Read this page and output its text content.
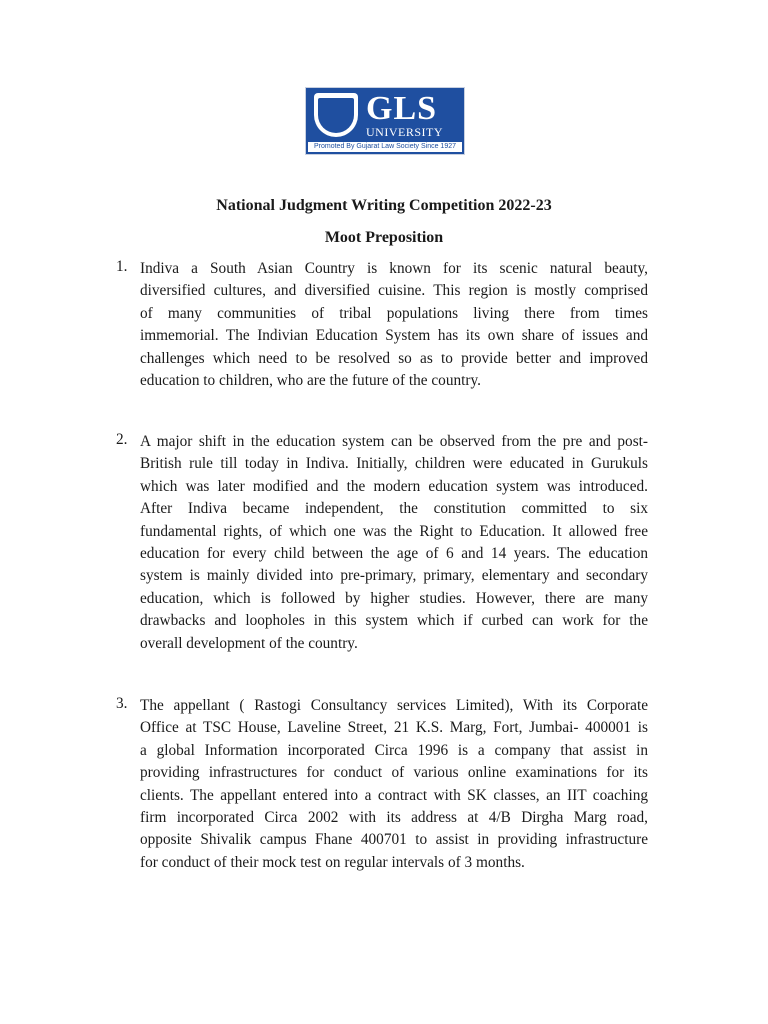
GLS
UNIVERSITY
Promoted By Gujarat Law Society Since 1927
National Judgment Writing Competition 2022-23
Moot Preposition
1. Indiva a South Asian Country is known for its scenic natural beauty,
diversified cultures, and diversified cuisine. This region is mostly comprised
of many communities of tribal populations living there from times
immemorial. The Indivian Education System has its own share of issues and
challenges which need to be resolved so as to provide better and improved
education to children, who are the future of the country.
2. A major shift in the education system can be observed from the pre and post-
British rule till today in Indiva. Initially, children were educated in Gurukuls
which was later modified and the modern education system was introduced.
After Indiva became independent, the constitution committed to six
fundamental rights, of which one was the Right to Education. It allowed free
education for every child between the age of 6 and 14 years. The education
system is mainly divided into pre-primary, primary, elementary and secondary
education, which is followed by higher studies. However, there are many
drawbacks and loopholes in this system which if curbed can work for the
overall development of the country.
3. The appellant ( Rastogi Consultancy services Limited), With its Corporate
Office at TSC House, Laveline Street, 21 K.S. Marg, Fort, Jumbai- 400001 is
a global Information incorporated Circa 1996 is a company that assist in
providing infrastructures for conduct of various online examinations for its
clients. The appellant entered into a contract with SK classes, an IIT coaching
firm incorporated Circa 2002 with its address at 4/B Dirgha Marg road,
opposite Shivalik campus Fhane 400701 to assist in providing infrastructure
for conduct of their mock test on regular intervals of 3 months.
